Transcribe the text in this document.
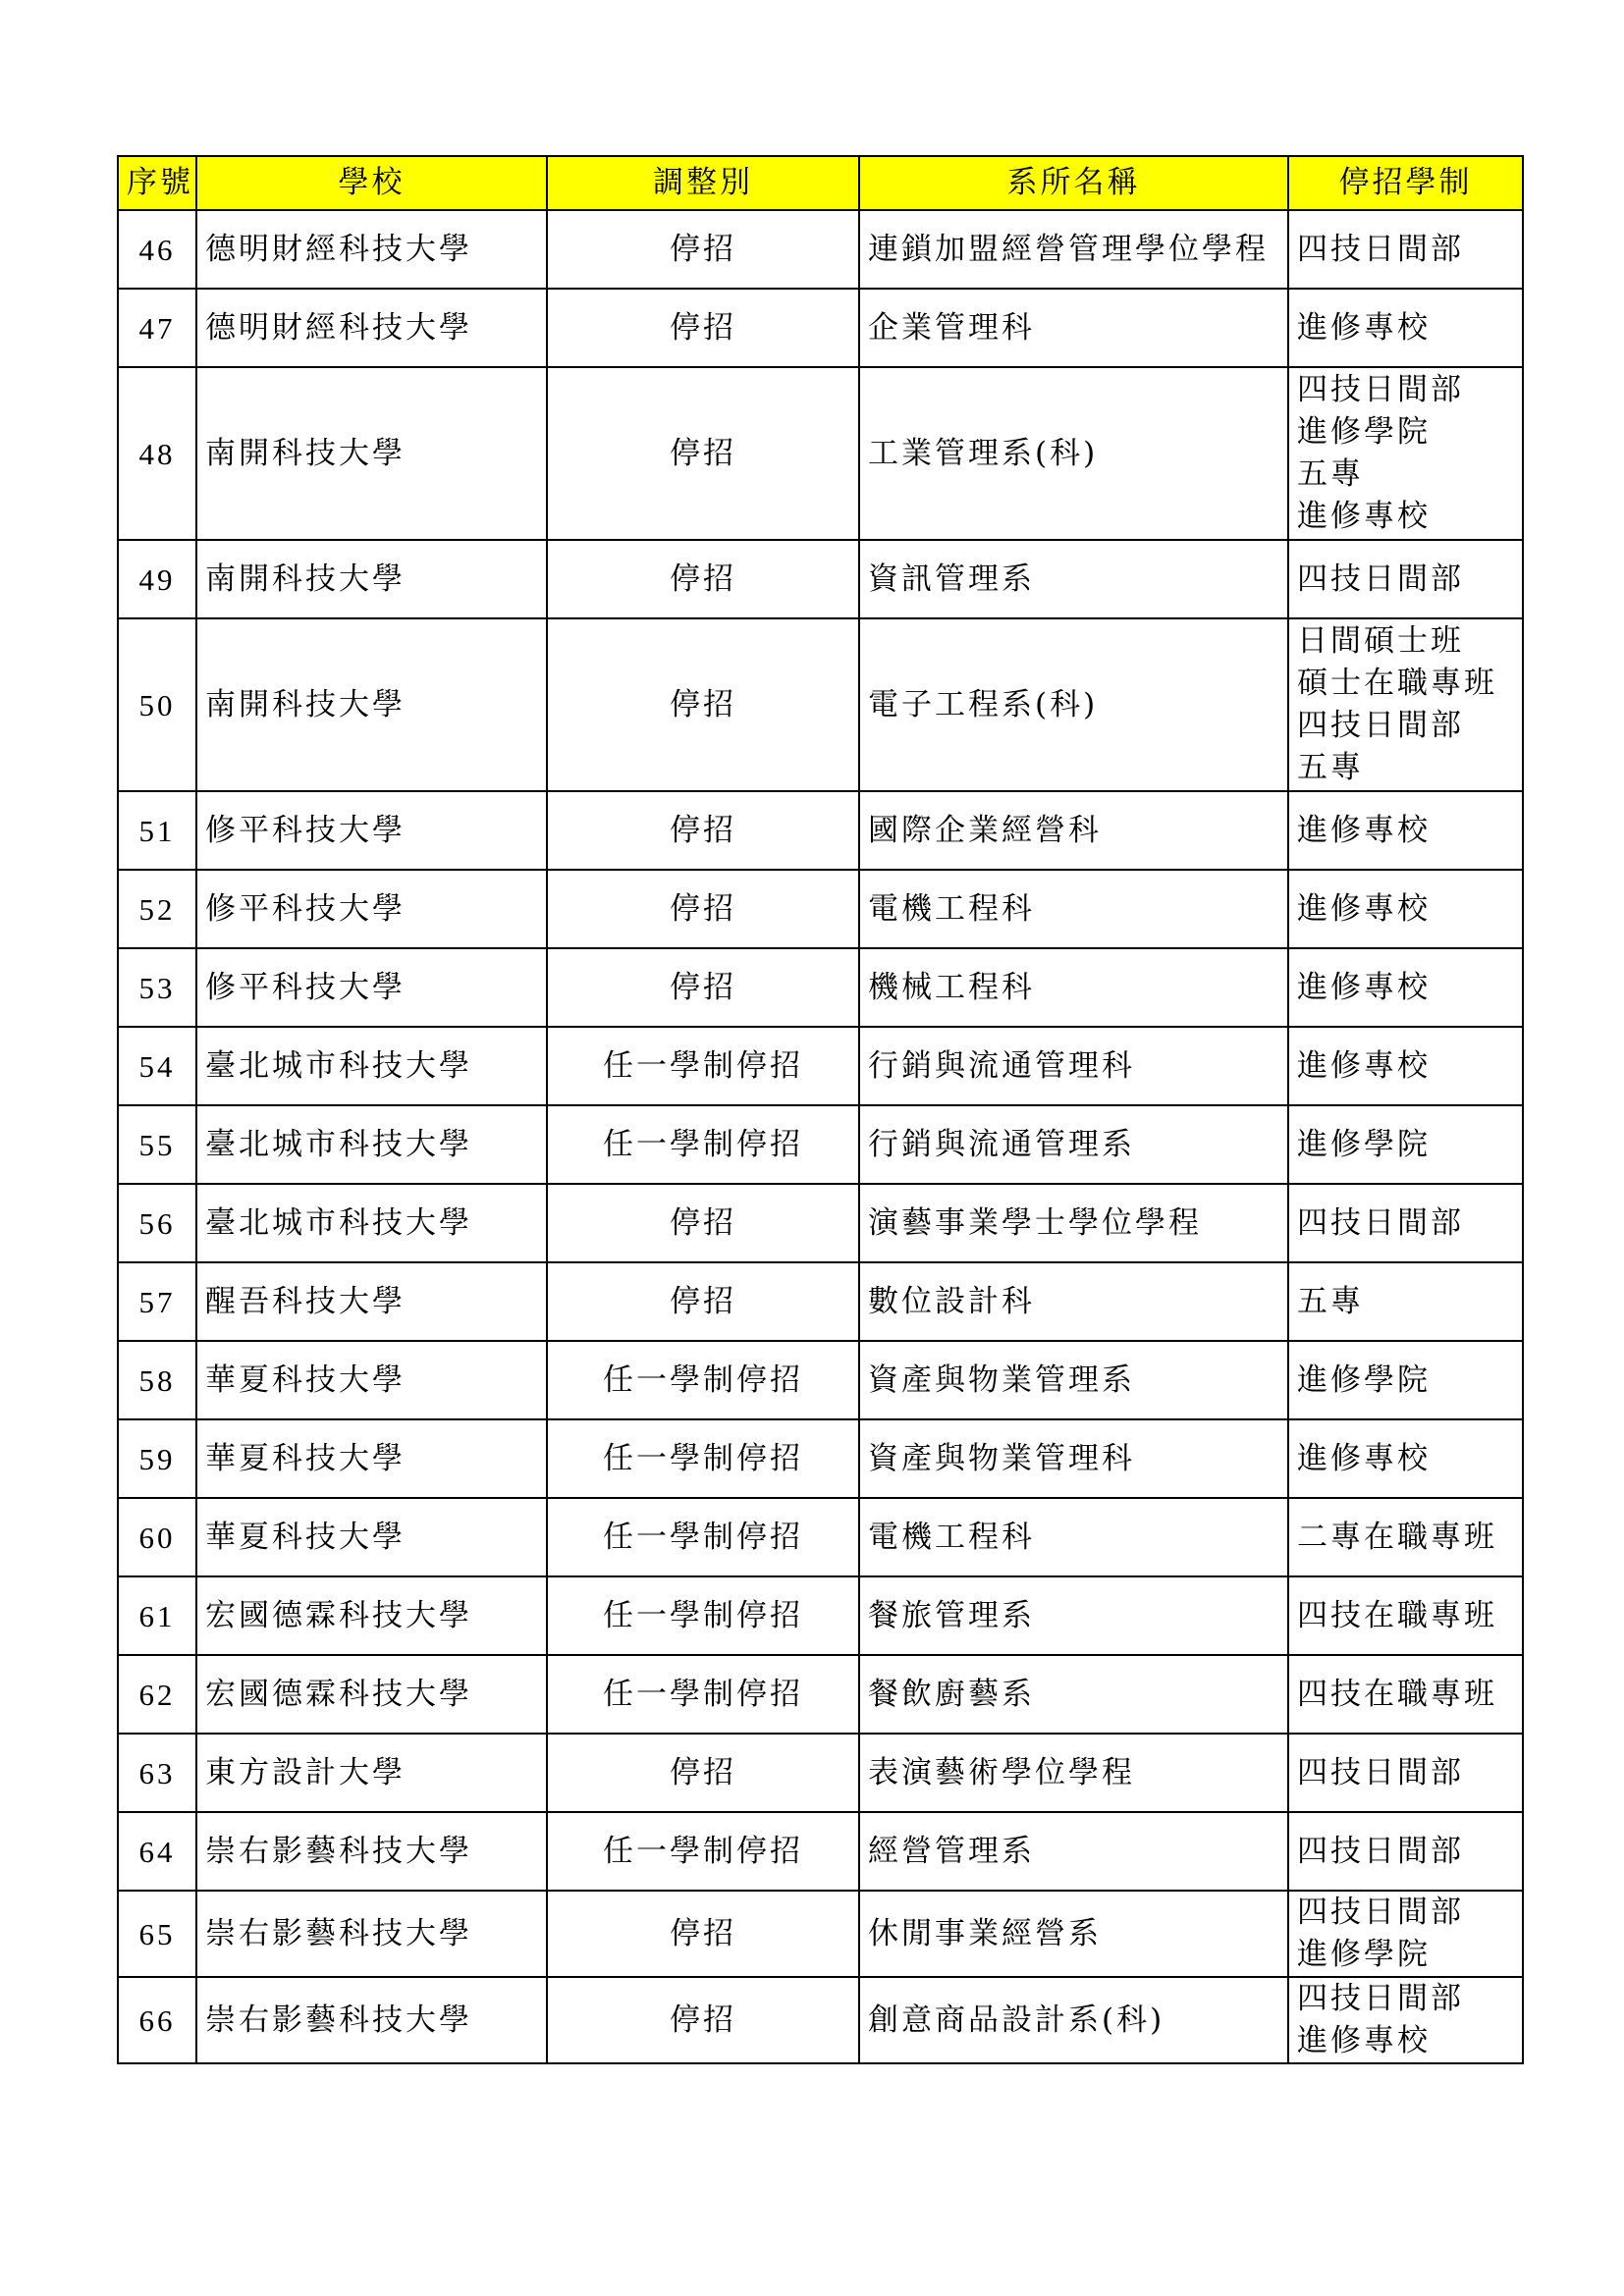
序號	學校	調整別	系所名稱	停招學制
46	德明財經科技大學	停招	連鎖加盟經營管理學位學程	四技日間部

47	德明財經科技大學	停招	企業管理科	進修專校

48	南開科技大學	停招	工業管理系(科)	四技日間部
進修學院
五專
進修專校

49	南開科技大學	停招	資訊管理系	四技日間部

50	南開科技大學	停招	電子工程系(科)	日間碩士班
碩士在職專班
四技日間部
五專

51	修平科技大學	停招	國際企業經營科	進修專校

52	修平科技大學	停招	電機工程科	進修專校

53	修平科技大學	停招	機械工程科	進修專校

54	臺北城市科技大學	任一學制停招	行銷與流通管理科	進修專校

55	臺北城市科技大學	任一學制停招	行銷與流通管理系	進修學院

56	臺北城市科技大學	停招	演藝事業學士學位學程	四技日間部

57	醒吾科技大學	停招	數位設計科	五專

58	華夏科技大學	任一學制停招	資產與物業管理系	進修學院

59	華夏科技大學	任一學制停招	資產與物業管理科	進修專校

60	華夏科技大學	任一學制停招	電機工程科	二專在職專班

61	宏國德霖科技大學	任一學制停招	餐旅管理系	四技在職專班

62	宏國德霖科技大學	任一學制停招	餐飲廚藝系	四技在職專班

63	東方設計大學	停招	表演藝術學位學程	四技日間部

64	崇右影藝科技大學	任一學制停招	經營管理系	四技日間部

65	崇右影藝科技大學	停招	休閒事業經營系	四技日間部
進修學院

66	崇右影藝科技大學	停招	創意商品設計系(科)	四技日間部
進修專校
